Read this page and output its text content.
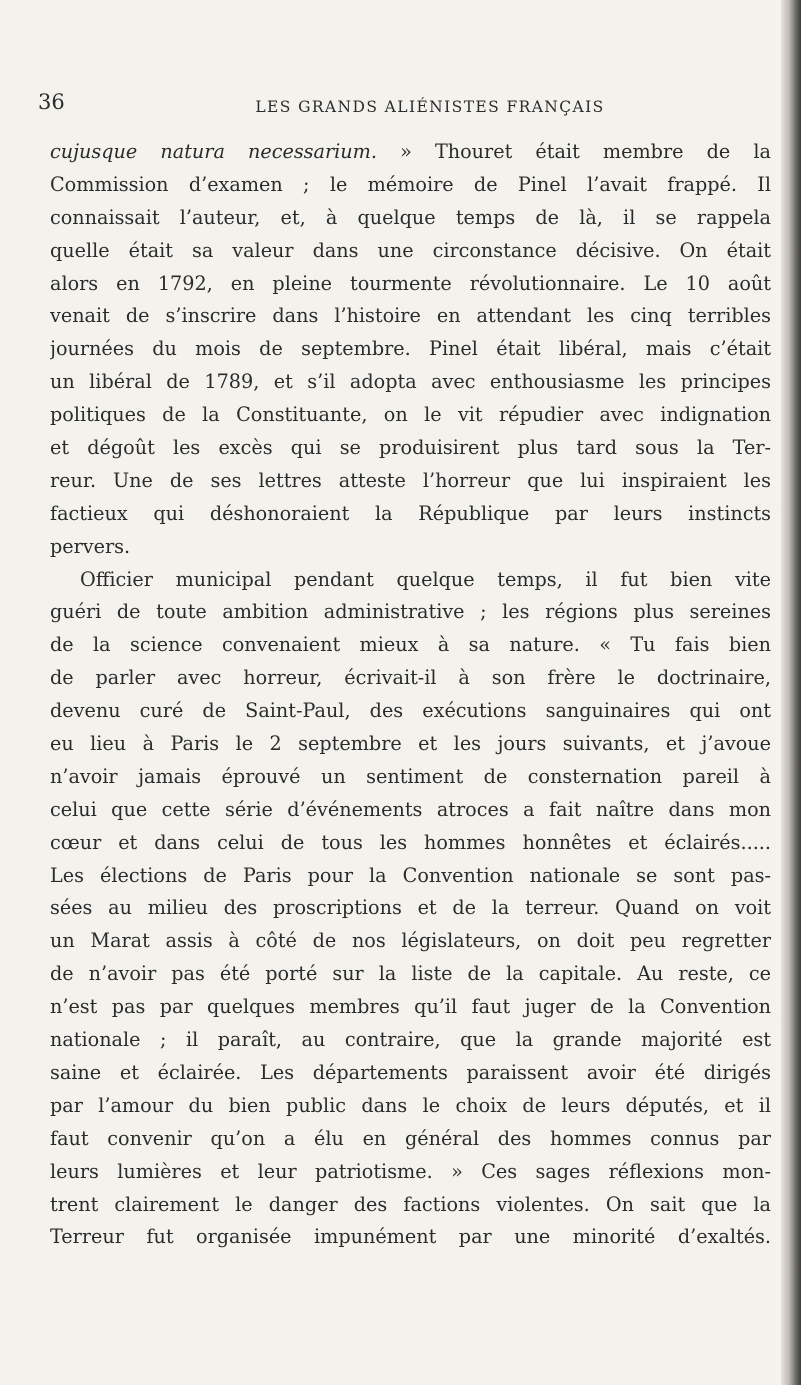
36	LES GRANDS ALIÉNISTES FRANÇAIS
cujusque natura necessarium. » Thouret était membre de la
Commission d’examen ; le mémoire de Pinel l’avait frappé. Il
connaissait l’auteur, et, à quelque temps de là, il se rappela
quelle était sa valeur dans une circonstance décisive. On était
alors en 1792, en pleine tourmente révolutionnaire. Le 10 août
venait de s’inscrire dans l’histoire en attendant les cinq terribles
journées du mois de septembre. Pinel était libéral, mais c’était
un libéral de 1789, et s’il adopta avec enthousiasme les principes
politiques de la Constituante, on le vit répudier avec indignation
et dégoût les excès qui se produisirent plus tard sous la Ter-
reur. Une de ses lettres atteste l’horreur que lui inspiraient les
factieux qui déshonoraient la République par leurs instincts
pervers.
Officier municipal pendant quelque temps, il fut bien vite
guéri de toute ambition administrative ; les régions plus sereines
de la science convenaient mieux à sa nature. « Tu fais bien
de parler avec horreur, écrivait-il à son frère le doctrinaire,
devenu curé de Saint-Paul, des exécutions sanguinaires qui ont
eu lieu à Paris le 2 septembre et les jours suivants, et j’avoue
n’avoir jamais éprouvé un sentiment de consternation pareil à
celui que cette série d’événements atroces a fait naître dans mon
cœur et dans celui de tous les hommes honnêtes et éclairés.....
Les élections de Paris pour la Convention nationale se sont pas-
sées au milieu des proscriptions et de la terreur. Quand on voit
un Marat assis à côté de nos législateurs, on doit peu regretter
de n’avoir pas été porté sur la liste de la capitale. Au reste, ce
n’est pas par quelques membres qu’il faut juger de la Convention
nationale ; il paraît, au contraire, que la grande majorité est
saine et éclairée. Les départements paraissent avoir été dirigés
par l’amour du bien public dans le choix de leurs députés, et il
faut convenir qu’on a élu en général des hommes connus par
leurs lumières et leur patriotisme. » Ces sages réflexions mon-
trent clairement le danger des factions violentes. On sait que la
Terreur fut organisée impunément par une minorité d’exaltés.
